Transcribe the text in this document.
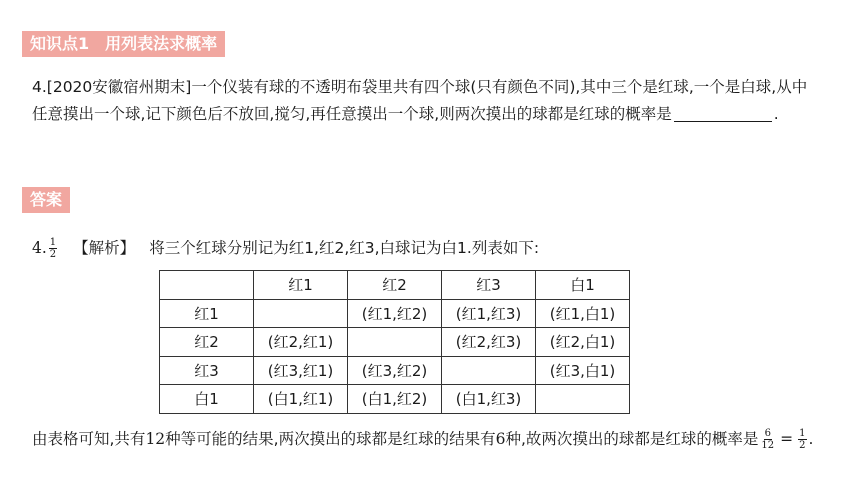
知识点1　用列表法求概率
4.[2020安徽宿州期末]一个仪装有球的不透明布袋里共有四个球(只有颜色不同),其中三个是红球,一个是白球,从中
任意摸出一个球,记下颜色后不放回,搅匀,再任意摸出一个球,则两次摸出的球都是红球的概率是	.
答案
4. $\frac{1}{2}$ 【解析】 将三个红球分别记为红1,红2,红3,白球记为白1.列表如下:
	红1	红2	红3	白1
红1		(红1,红2)	(红1,红3)	(红1,白1)
红2	(红2,红1)		(红2,红3)	(红2,白1)
红3	(红3,红1)	(红3,红2)		(红3,白1)
白1	(白1,红1)	(白1,红2)	(白1,红3)	
由表格可知,共有 12 种等可能的结果,两次摸出的球都是红球的结果有 6 种,故两次摸出的球都是红球的概率是 $\frac{6}{12} = \frac{1}{2}$ .
